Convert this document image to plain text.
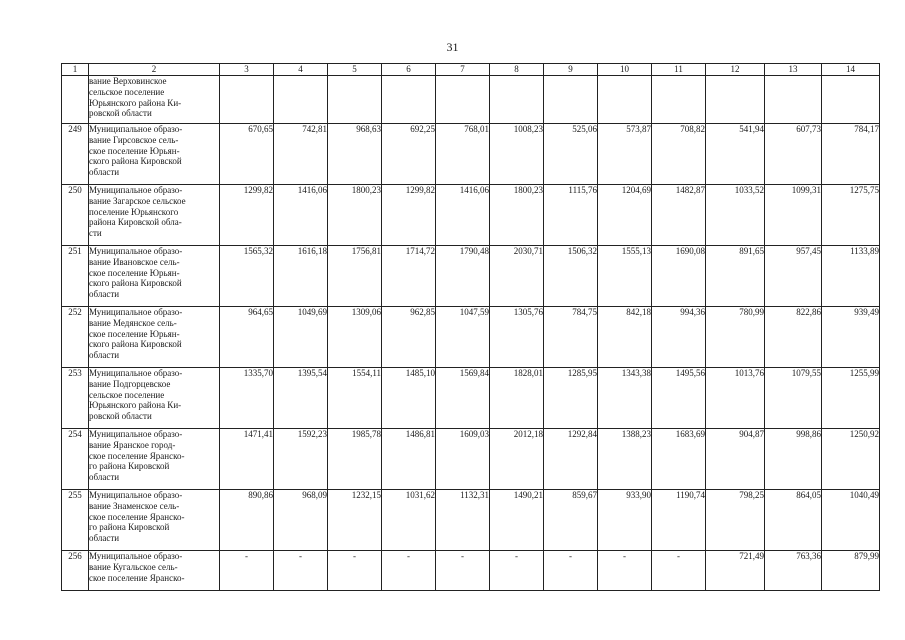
31
1	2	3	4	5	6	7	8	9	10	11	12	13	14

	вание Верховинское
сельское поселение
Юрьянского района Ки-
ровской области												

249	Муниципальное образо-
вание Гирсовское сель-
ское поселение Юрьян-
ского района Кировской
области	670,65	742,81	968,63	692,25	768,01	1008,23	525,06	573,87	708,82	541,94	607,73	784,17
250	Муниципальное образо-
вание Загарское сельское
поселение Юрьянского
района Кировской обла-
сти	1299,82	1416,06	1800,23	1299,82	1416,06	1800,23	1115,76	1204,69	1482,87	1033,52	1099,31	1275,75
251	Муниципальное образо-
вание Ивановское сель-
ское поселение Юрьян-
ского района Кировской
области	1565,32	1616,18	1756,81	1714,72	1790,48	2030,71	1506,32	1555,13	1690,08	891,65	957,45	1133,89
252	Муниципальное образо-
вание Медянское сель-
ское поселение Юрьян-
ского района Кировской
области	964,65	1049,69	1309,06	962,85	1047,59	1305,76	784,75	842,18	994,36	780,99	822,86	939,49
253	Муниципальное образо-
вание Подгорцевское
сельское поселение
Юрьянского района Ки-
ровской области	1335,70	1395,54	1554,11	1485,10	1569,84	1828,01	1285,95	1343,38	1495,56	1013,76	1079,55	1255,99
254	Муниципальное образо-
вание Яранское город-
ское поселение Яранско-
го района Кировской
области	1471,41	1592,23	1985,78	1486,81	1609,03	2012,18	1292,84	1388,23	1683,69	904,87	998,86	1250,92
255	Муниципальное образо-
вание Знаменское сель-
ское поселение Яранско-
го района Кировской
области	890,86	968,09	1232,15	1031,62	1132,31	1490,21	859,67	933,90	1190,74	798,25	864,05	1040,49
256	Муниципальное образо-
вание Кугальское сель-
ское поселение Яранско-	-	-	-	-	-	-	-	-	-	721,49	763,36	879,99
